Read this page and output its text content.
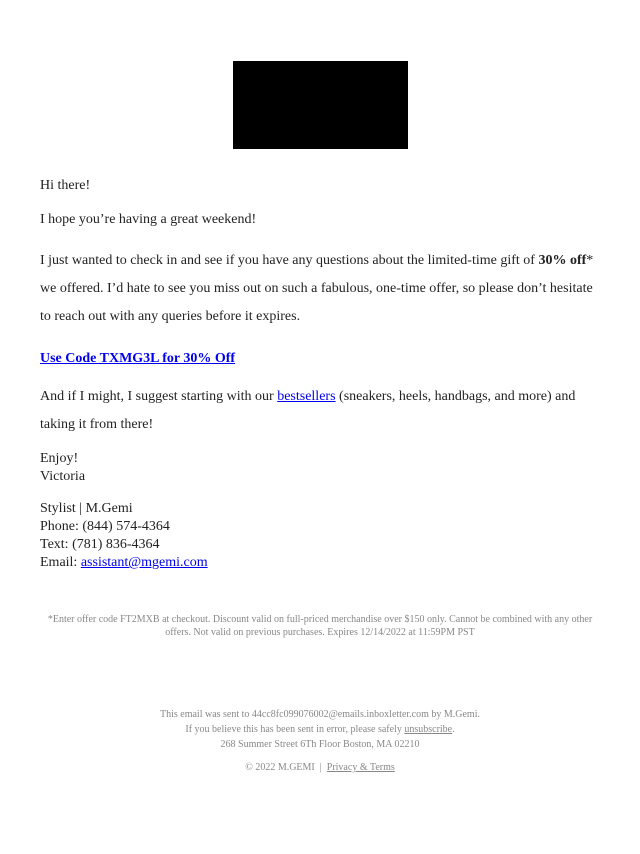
Hi there!
I hope you’re having a great weekend!
I just wanted to check in and see if you have any questions about the limited-time gift of 30% off* we offered. I’d hate to see you miss out on such a fabulous, one-time offer, so please don’t hesitate to reach out with any queries before it expires.
Use Code TXMG3L for 30% Off
And if I might, I suggest starting with our bestsellers (sneakers, heels, handbags, and more) and taking it from there!
Enjoy!
Victoria
Stylist | M.Gemi
Phone: (844) 574-4364
Text: (781) 836-4364
Email: assistant@mgemi.com
*Enter offer code FT2MXB at checkout. Discount valid on full-priced merchandise over $150 only. Cannot be combined with any other offers. Not valid on previous purchases. Expires 12/14/2022 at 11:59PM PST
This email was sent to 44cc8fc099076002@emails.inboxletter.com by M.Gemi.
If you believe this has been sent in error, please safely unsubscribe.
268 Summer Street 6Th Floor Boston, MA 02210
© 2022 M.GEMI  |  Privacy & Terms
